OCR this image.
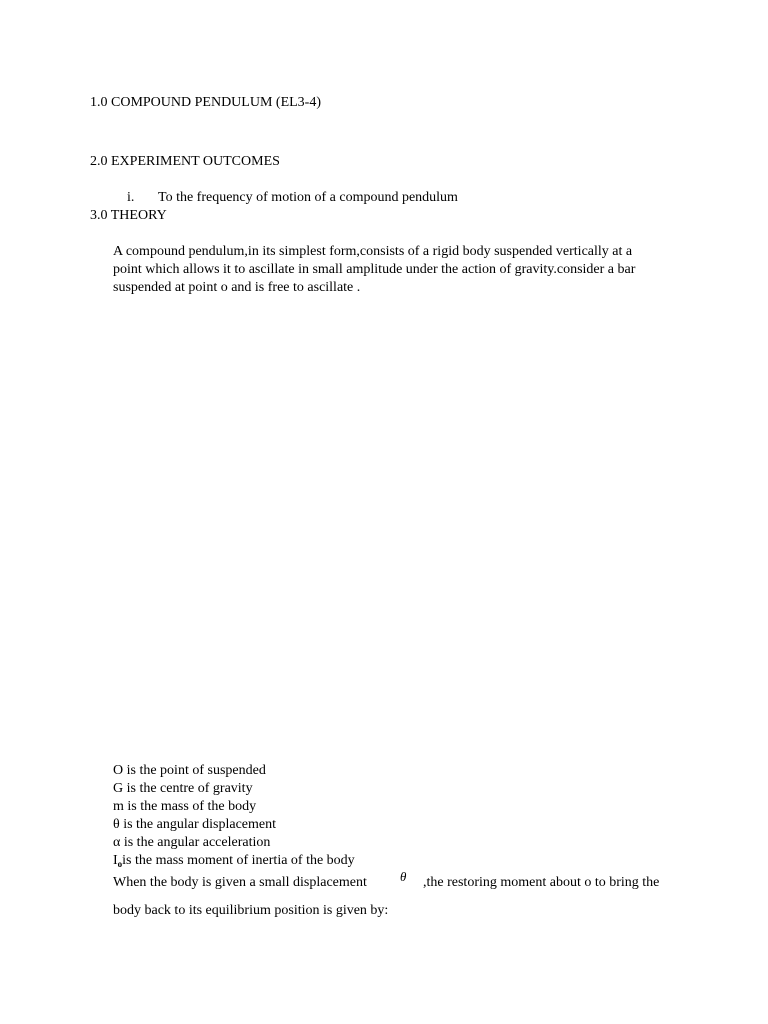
1.0 COMPOUND PENDULUM (EL3-4)

2.0 EXPERIMENT OUTCOMES

i. To the frequency of motion of a compound pendulum

3.0 THEORY

A compound pendulum,in its simplest form,consists of a rigid body suspended vertically at a
point which allows it to ascillate in small amplitude under the action of gravity.consider a bar
suspended at point o and is free to ascillate .
O is the point of suspended
G is the centre of gravity
m is the mass of the body
θ is the angular displacement
α is the angular acceleration
$I_ois$ the mass moment of inertia of the body
When the body is given a small displacement	θ ,the restoring moment about o to bring the
body back to its equilibrium position is given by:
